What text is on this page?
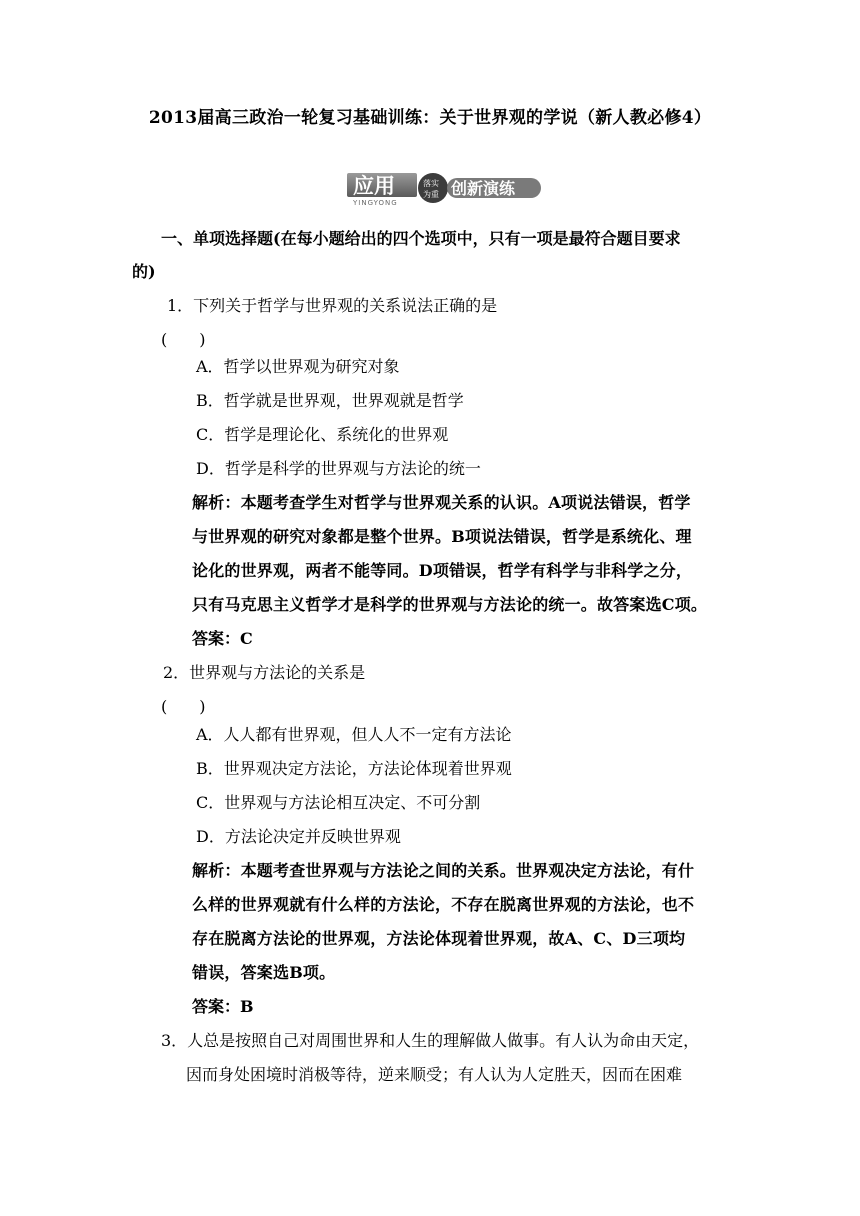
2013届高三政治一轮复习基础训练：关于世界观的学说（新人教必修4）
应用	落实
为重 创新演练
YINGYONG
一、单项选择题(在每小题给出的四个选项中，只有一项是最符合题目要求
的)
1．下列关于哲学与世界观的关系说法正确的是
(　　)
A．哲学以世界观为研究对象
B．哲学就是世界观，世界观就是哲学
C．哲学是理论化、系统化的世界观
D．哲学是科学的世界观与方法论的统一
解析：本题考查学生对哲学与世界观关系的认识。A项说法错误，哲学
与世界观的研究对象都是整个世界。B项说法错误，哲学是系统化、理
论化的世界观，两者不能等同。D项错误，哲学有科学与非科学之分，
只有马克思主义哲学才是科学的世界观与方法论的统一。故答案选C项。
答案：C
2．世界观与方法论的关系是
(　　)
A．人人都有世界观，但人人不一定有方法论
B．世界观决定方法论，方法论体现着世界观
C．世界观与方法论相互决定、不可分割
D．方法论决定并反映世界观
解析：本题考查世界观与方法论之间的关系。世界观决定方法论，有什
么样的世界观就有什么样的方法论，不存在脱离世界观的方法论，也不
存在脱离方法论的世界观，方法论体现着世界观，故A、C、D三项均
错误，答案选B项。
答案：B
3．人总是按照自己对周围世界和人生的理解做人做事。有人认为命由天定，
因而身处困境时消极等待，逆来顺受；有人认为人定胜天，因而在困难
